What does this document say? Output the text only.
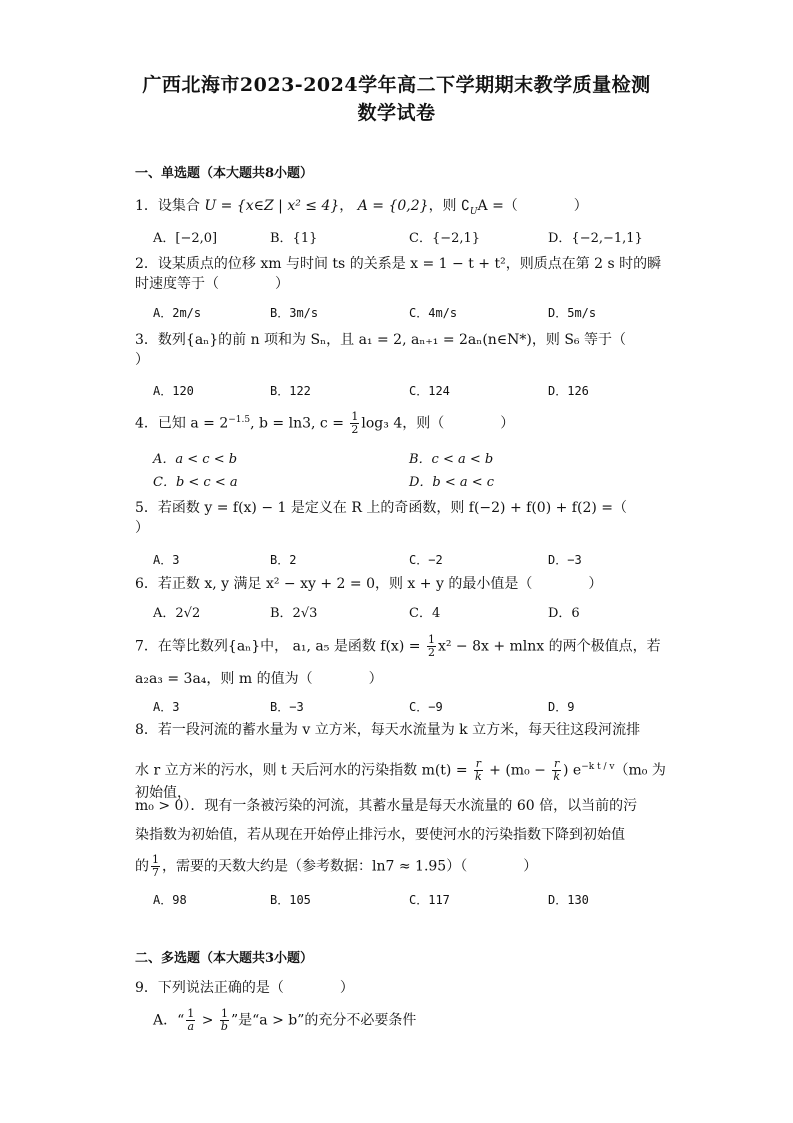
广西北海市2023-2024学年高二下学期期末教学质量检测
数学试卷
一、单选题（本大题共8小题）
1．设集合 U = {x∈Z | x² ≤ 4}， A = {0,2}，则 $∁_UA$ =（　　　　）
A．[−2,0]	B．{1}	C．{−2,1}	D．{−2,−1,1}
2．设某质点的位移 xm 与时间 ts 的关系是 x = 1 − t + t²，则质点在第 2 s 时的瞬
时速度等于（　　　　）
A．2m/s	B．3m/s	C．4m/s	D．5m/s
3．数列{aₙ}的前 n 项和为 Sₙ，且 a₁ = 2, aₙ₊₁ = 2aₙ(n∈N*)，则 S₆ 等于（
）
A．120	B．122	C．124	D．126
4．已知 $a = 2^{-1.5}$, b = ln3, $c = \frac{1}{2} \log_3$ 4，则（　　　　）
A．a < c < b	B．c < a < b
C．b < c < a	D．b < a < c
5．若函数 y = f(x) − 1 是定义在 R 上的奇函数，则 f(−2) + f(0) + f(2) =（
）
A．3	B．2	C．−2	D．−3
6．若正数 x, y 满足 x² − xy + 2 = 0，则 x + y 的最小值是（　　　　）
A．2√2	B．2√3	C．4	D．6
7．在等比数列{aₙ}中， a₁, a₅ 是函数 $f(x) = \frac{1}{2} x^2 - 8x + mlnx$ 的两个极值点，若
a₂a₃ = 3a₄，则 m 的值为（　　　　）
A．3	B．−3	C．−9	D．9
8．若一段河流的蓄水量为 v 立方米，每天水流量为 k 立方米，每天往这段河流排
水 r 立方米的污水，则 t 天后河水的污染指数 $m(t) = \frac{r}{k} + (m_0 - \frac{r}{k}$ ) $e^{-k t / v}(m_0$ 为初始值，
m₀ > 0）．现有一条被污染的河流，其蓄水量是每天水流量的 60 倍，以当前的污
染指数为初始值，若从现在开始停止排污水，要使河水的污染指数下降到初始值
的 $\frac{1}{7}$ ，需要的天数大约是（参考数据：ln7 ≈ 1.95）（　　　　）
A．98	B．105	C．117	D．130
二、多选题（本大题共3小题）
9．下列说法正确的是（　　　　）
A．“ $\frac{1}{a} > \frac{1}{b}$ ”是“a > b”的充分不必要条件
